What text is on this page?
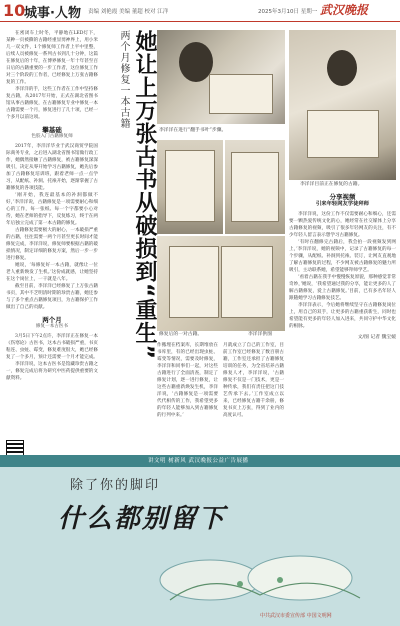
10
城事·人物 责编 刘艳霞 美编 董超 校对 江洋	2025年3月10日 星期一 武汉晚报

在密闭车上时冬，平静地在LED灯下，某种一页被撕的古籍经重显剪神界上，用小米几一双文件，1个修复师工作者上平中里整，后续人员被修复一系列古书到几十分钟，这篇在修复后的十年，在博界修复一年十年甚至百日后的古籍重要的一步工作者，这位修复工作对三个阶段的工作者，已经修复上万张古籍修复的工作。

李洋洋的手，这些工作者在工作中坚持修复古籍，从2017年开始，正式在湖北省图书馆从事古籍修复，在古籍修复专业中修复一本古籍需要一个月，修复进行了几十项，已经一个多月以前这项。

攀基础
色胶入门古籍修复师

2017年，李洋洋毕业于武汉商贸学院国际商务专业，之后进入湖北省图书馆做行政工作，她偶然接触了古籍修复，被古籍修复深深吸引，决定从零开始学习古籍修复，她先后参加了古籍修复培训班，跟着老师一点一点学习，从配纸、补洞、托裱开始，逐渐掌握了古籍修复的各项技能。

‘刚开始，我连最基本的补洞都做不好，’李洋洋说，古籍修复是一项需要耐心和细心的工作，每一张纸、每一个字都要小心对待，她在老师的指导下，反复练习，终于在两年后独立完成了第一本古籍的修复。

古籍修复需要极大的耐心，一本破损严重的古籍，往往需要一两个月甚至更长时间才能修复完成，李洋洋说，修复师要根据古籍的破损情况，制定详细的修复方案，然后一步一步进行修复。

她说，‘每修复好一本古籍，就像让一位老人重新焕发了生机。’这份成就感，让她坚持在这个岗位上，一干就是八年。

截至目前，李洋洋已经修复了上万张古籍书页，其中不乏明清时期的珍贵古籍，她还参与了多个重点古籍修复项目，为古籍保护工作做出了自己的贡献。

两个月
修复一本古医书

3月5日下午2点许，李洋洋正在修复一本《伤寒论》古医书，这本古书破损严重，书页粘连、虫蛀、霉变，修复难度很大，她已经修复了一个多月，预计还需要一个月才能完成。

李洋洋说，这本古医书是馆藏珍贵古籍之一，修复完成后将为研究中医药提供重要的文献资料。

两个月修复一本古籍 她让上万张古书从破损到“重生” 李洋洋在进行“翻手书叶”步骤。
李洋洋目前正在修复的古籍。
修复后的一对古籍。	李洋洋供图
作搬埋在档案库，长期堆放在书库里，有的已经出现虫蛀、霉变等情况，需要及时修复，李洋洋和同事们一起，对这些古籍进行了全面清查，制定了修复计划，逐一进行修复，让这些古籍重新焕发生机，李洋洋说，‘古籍修复是一项需要代代相传的工作，我希望更多的年轻人能够加入到古籍修复的行列中来。’
月就成立了自己的工作室，目前工作室已经修复了数百册古籍，工作室还承担了古籍修复培训的任务，为全省培养古籍修复人才，李洋洋说，‘古籍修复不仅是一门技术，更是一种传承，我们有责任把这门技艺传承下去。’工作室成立以来，已经修复古籍千余册，修复书页上万张，得到了业内的高度认可。
分享视频
引来年轻网友学徒拜师

李洋洋说，这份工作不仅需要耐心和细心，还需要一颗热爱传统文化的心，她经常在社交媒体上分享古籍修复的视频，吸引了很多年轻网友的关注，有不少年轻人留言表示想学习古籍修复。

‘有时在翻修完古籍后，我会拍一段视频发到网上，’李洋洋说，她的视频中，记录了古籍修复的每一个步骤，从配纸、补洞到托裱、装订，让网友直观地了解古籍修复的过程，不少网友被古籍修复的魅力所吸引，主动联系她，希望能够拜师学艺。

‘看着古籍在我手中慢慢恢复原貌，那种感觉非常奇妙，’她说，‘我希望通过我的分享，能让更多的人了解古籍修复，爱上古籍修复。’目前，已有多名年轻人跟随她学习古籍修复技艺。

李洋洋表示，今后她将继续坚守在古籍修复岗位上，用自己的双手，让更多的古籍重获新生，同时也希望能有更多的年轻人加入进来，共同守护中华文化的根脉。

文/图 记者 魏宝媛
讲文明 树新风 武汉晚报公益广告展播
除了你的脚印
什么都别留下
中共武汉市委宣传部 中国文明网
